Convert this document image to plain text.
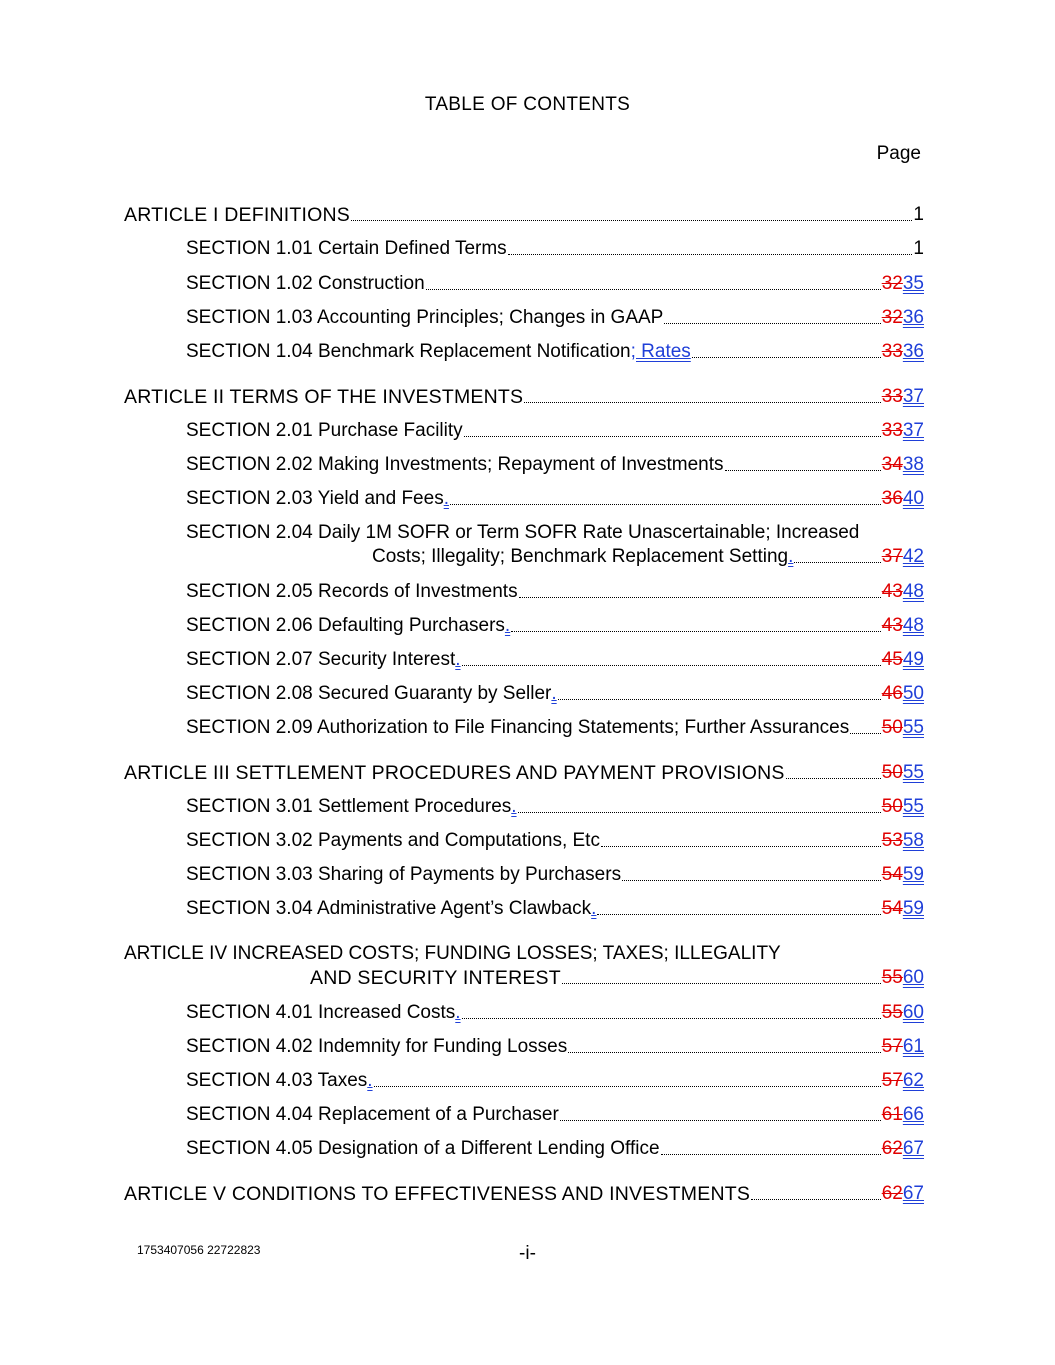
TABLE OF CONTENTS
Page
ARTICLE I DEFINITIONS	1
SECTION 1.01 Certain Defined Terms	1
SECTION 1.02 Construction	3235
SECTION 1.03 Accounting Principles; Changes in GAAP	3236
SECTION 1.04 Benchmark Replacement Notification ; Rates	3336
ARTICLE II TERMS OF THE INVESTMENTS	3337
SECTION 2.01 Purchase Facility	3337
SECTION 2.02 Making Investments; Repayment of Investments	3438
SECTION 2.03 Yield and Fees .	3640
SECTION 2.04 Daily 1M SOFR or Term SOFR Rate Unascertainable; Increased
Costs; Illegality; Benchmark Replacement Setting .	3742
SECTION 2.05 Records of Investments	4348
SECTION 2.06 Defaulting Purchasers .	4348
SECTION 2.07 Security Interest .	4549
SECTION 2.08 Secured Guaranty by Seller .	4650
SECTION 2.09 Authorization to File Financing Statements; Further Assurances 5055
ARTICLE III SETTLEMENT PROCEDURES AND PAYMENT PROVISIONS	5055
SECTION 3.01 Settlement Procedures .	5055
SECTION 3.02 Payments and Computations, Etc	5358
SECTION 3.03 Sharing of Payments by Purchasers	5459
SECTION 3.04 Administrative Agent’s Clawback .	5459
ARTICLE IV INCREASED COSTS; FUNDING LOSSES; TAXES; ILLEGALITY
AND SECURITY INTEREST	5560
SECTION 4.01 Increased Costs .	5560
SECTION 4.02 Indemnity for Funding Losses	5761
SECTION 4.03 Taxes .	5762
SECTION 4.04 Replacement of a Purchaser	6166
SECTION 4.05 Designation of a Different Lending Office	6267
ARTICLE V CONDITIONS TO EFFECTIVENESS AND INVESTMENTS	6267
1753407056 22722823	-i-
